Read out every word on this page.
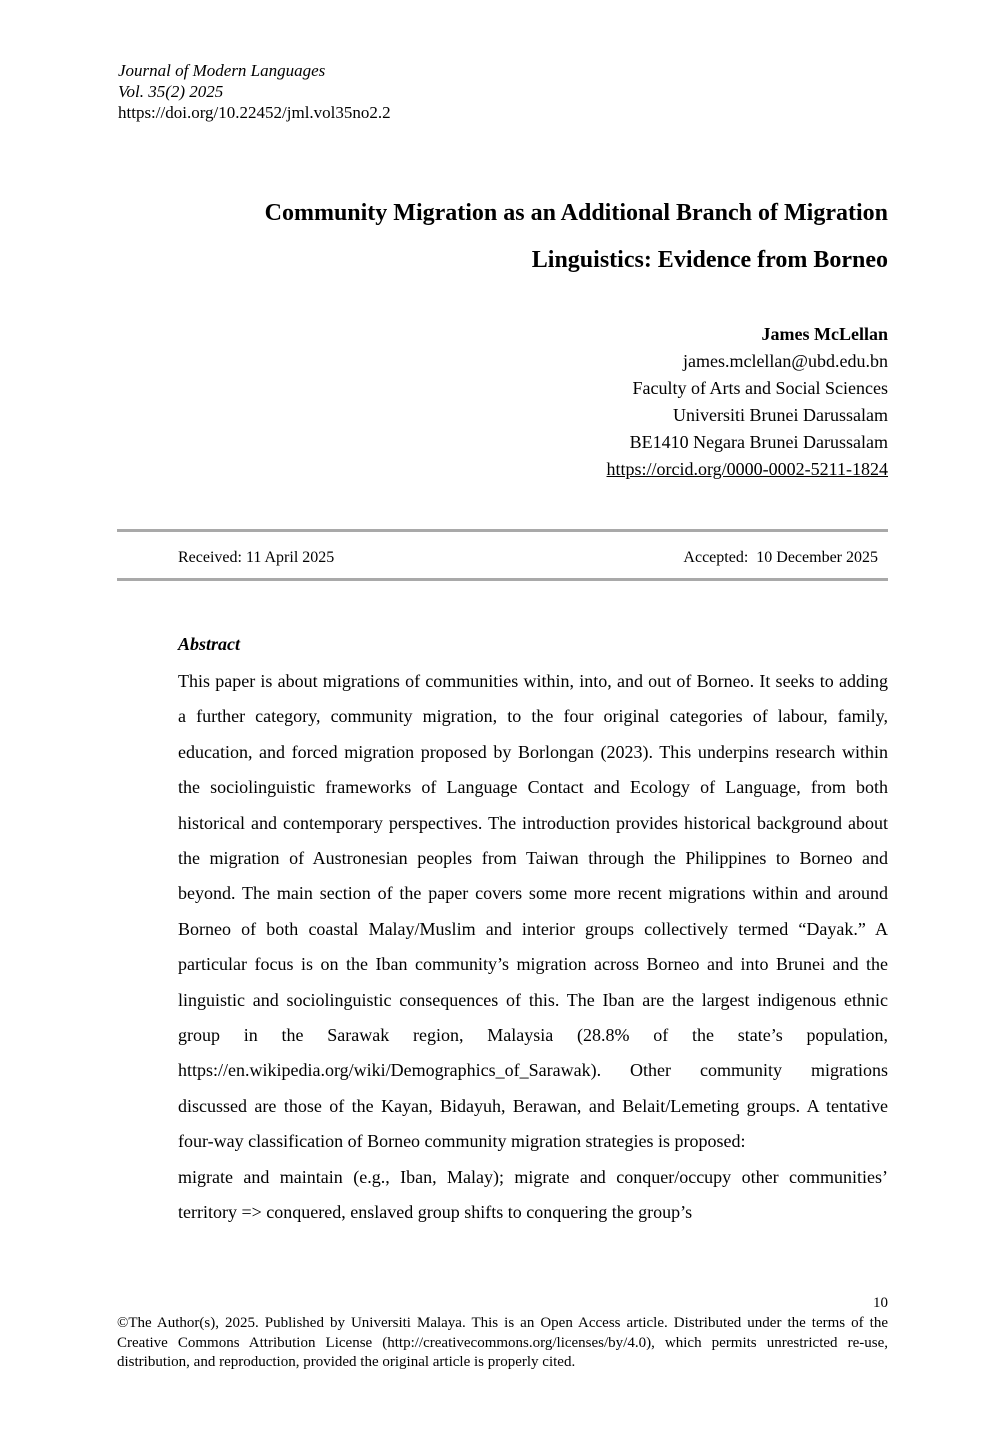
Journal of Modern Languages
Vol. 35(2) 2025
https://doi.org/10.22452/jml.vol35no2.2
Community Migration as an Additional Branch of Migration Linguistics: Evidence from Borneo
James McLellan
james.mclellan@ubd.edu.bn
Faculty of Arts and Social Sciences
Universiti Brunei Darussalam
BE1410 Negara Brunei Darussalam
https://orcid.org/0000-0002-5211-1824
Received: 11 April 2025	Accepted:  10 December 2025
Abstract

This paper is about migrations of communities within, into, and out of Borneo. It seeks to adding a further category, community migration, to the four original categories of labour, family, education, and forced migration proposed by Borlongan (2023). This underpins research within the sociolinguistic frameworks of Language Contact and Ecology of Language, from both historical and contemporary perspectives. The introduction provides historical background about the migration of Austronesian peoples from Taiwan through the Philippines to Borneo and beyond. The main section of the paper covers some more recent migrations within and around Borneo of both coastal Malay/Muslim and interior groups collectively termed “Dayak.” A particular focus is on the Iban community’s migration across Borneo and into Brunei and the linguistic and sociolinguistic consequences of this. The Iban are the largest indigenous ethnic group in the Sarawak region, Malaysia (28.8% of the state’s population, https://en.wikipedia.org/wiki/Demographics_of_Sarawak). Other community migrations discussed are those of the Kayan, Bidayuh, Berawan, and Belait/Lemeting groups. A tentative four-way classification of Borneo community migration strategies is proposed:

migrate and maintain (e.g., Iban, Malay); migrate and conquer/occupy other communities’ territory => conquered, enslaved group shifts to conquering the group’s

10
©The Author(s), 2025. Published by Universiti Malaya. This is an Open Access article. Distributed under the terms of the Creative Commons Attribution License (http://creativecommons.org/licenses/by/4.0), which permits unrestricted re-use, distribution, and reproduction, provided the original article is properly cited.
